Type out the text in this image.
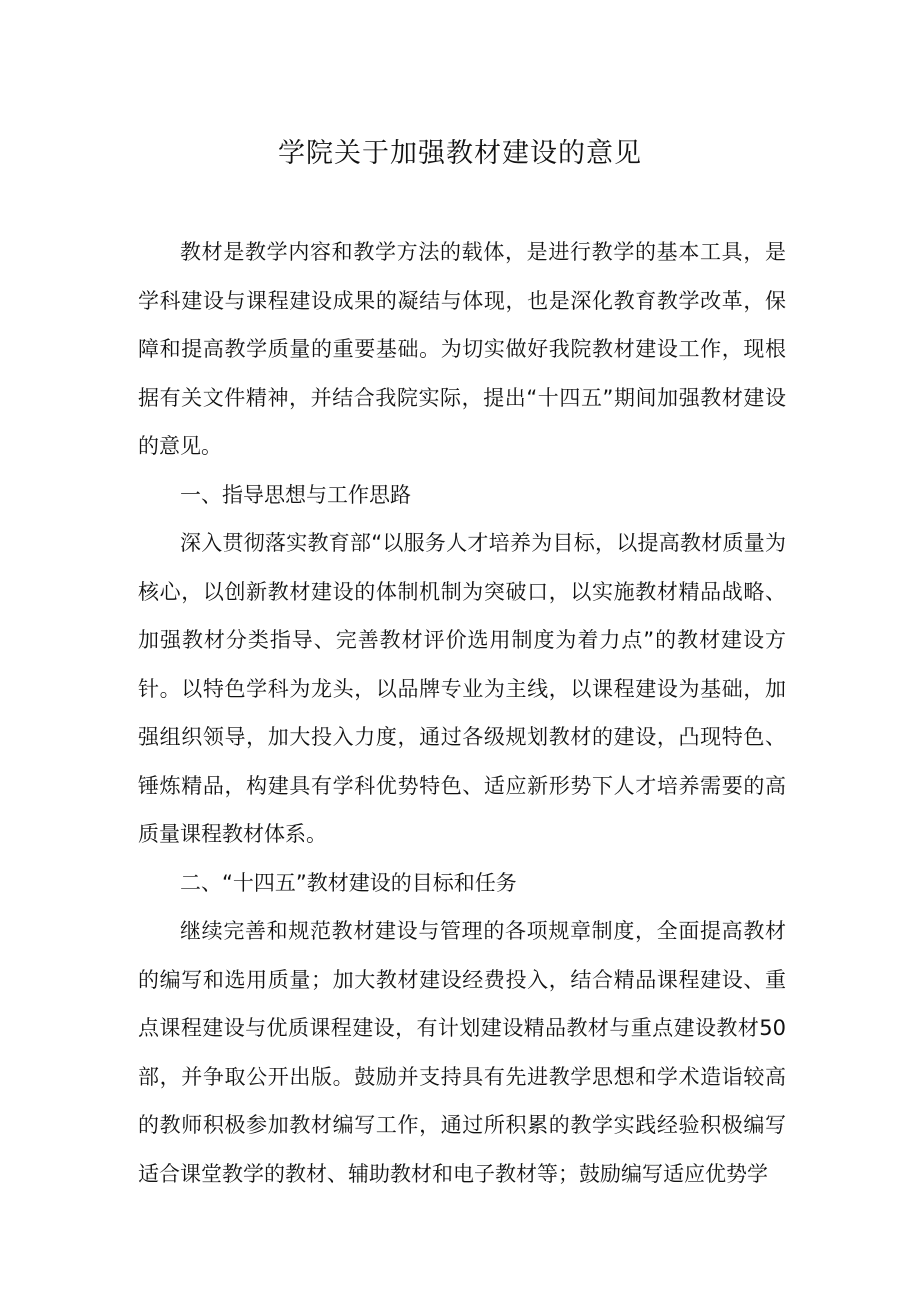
学院关于加强教材建设的意见

教材是教学内容和教学方法的载体，是进行教学的基本工具，是学科建设与课程建设成果的凝结与体现，也是深化教育教学改革，保障和提高教学质量的重要基础。为切实做好我院教材建设工作，现根据有关文件精神，并结合我院实际，提出“十四五”期间加强教材建设的意见。

一、指导思想与工作思路

深入贯彻落实教育部“以服务人才培养为目标，以提高教材质量为核心，以创新教材建设的体制机制为突破口，以实施教材精品战略、加强教材分类指导、完善教材评价选用制度为着力点”的教材建设方针。以特色学科为龙头，以品牌专业为主线，以课程建设为基础，加强组织领导，加大投入力度，通过各级规划教材的建设，凸现特色、锤炼精品，构建具有学科优势特色、适应新形势下人才培养需要的高质量课程教材体系。

二、“十四五”教材建设的目标和任务

继续完善和规范教材建设与管理的各项规章制度，全面提高教材的编写和选用质量；加大教材建设经费投入，结合精品课程建设、重点课程建设与优质课程建设，有计划建设精品教材与重点建设教材50部，并争取公开出版。鼓励并支持具有先进教学思想和学术造诣较高的教师积极参加教材编写工作，通过所积累的教学实践经验积极编写适合课堂教学的教材、辅助教材和电子教材等；鼓励编写适应优势学
